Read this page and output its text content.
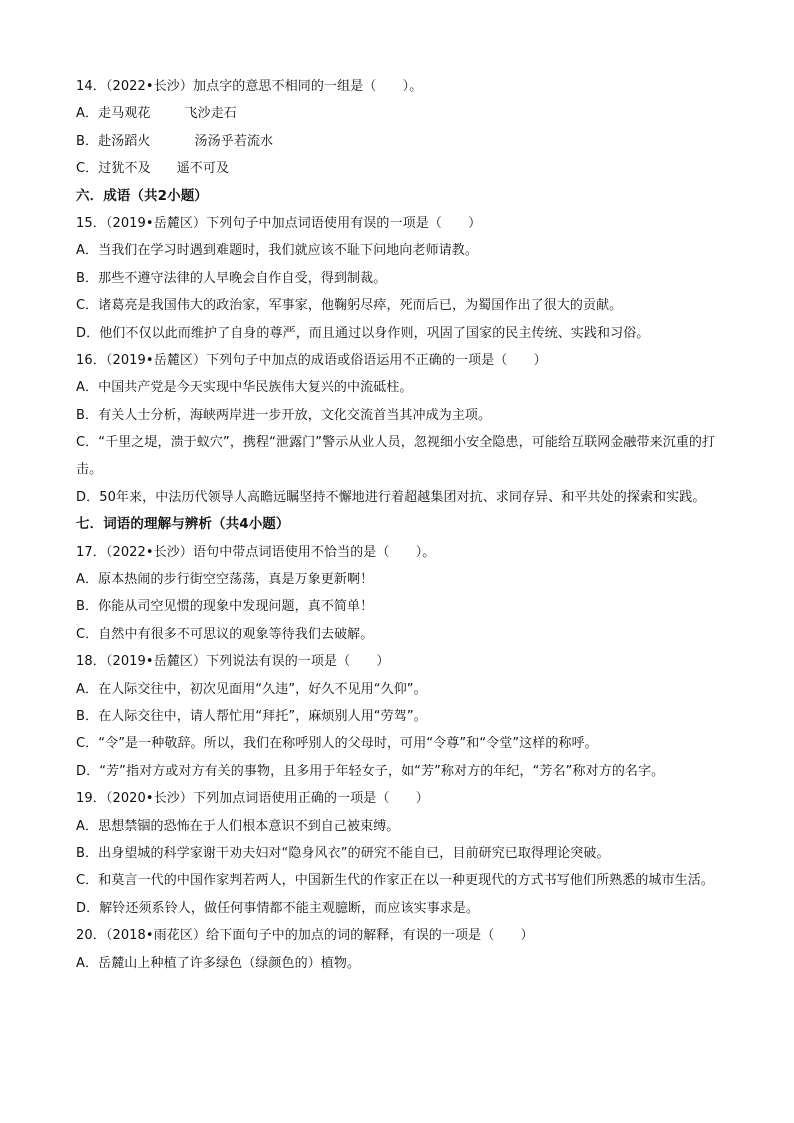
14．（2022•长沙）加点字的意思不相同的一组是（　　）。
A．走马观花	飞沙走石
B．赴汤蹈火	汤汤乎若流水
C．过犹不及 遥不可及
六．成语（共2小题）
15．（2019•岳麓区）下列句子中加点词语使用有误的一项是（　　）
A．当我们在学习时遇到难题时，我们就应该不耻下问地向老师请教。
B．那些不遵守法律的人早晚会自作自受，得到制裁。
C．诸葛亮是我国伟大的政治家，军事家，他鞠躬尽瘁，死而后已，为蜀国作出了很大的贡献。
D．他们不仅以此而维护了自身的尊严，而且通过以身作则，巩固了国家的民主传统、实践和习俗。
16．（2019•岳麓区）下列句子中加点的成语或俗语运用不正确的一项是（　　）
A．中国共产党是今天实现中华民族伟大复兴的中流砥柱。
B．有关人士分析，海峡两岸进一步开放，文化交流首当其冲成为主项。
C．“千里之堤，溃于蚁穴”，携程“泄露门”警示从业人员，忽视细小安全隐患，可能给互联网金融带来沉重的打击。
D．50年来，中法历代领导人高瞻远瞩坚持不懈地进行着超越集团对抗、求同存异、和平共处的探索和实践。
七．词语的理解与辨析（共4小题）
17．（2022•长沙）语句中带点词语使用不恰当的是（　　）。
A．原本热闹的步行街空空荡荡，真是万象更新啊！
B．你能从司空见惯的现象中发现问题，真不简单！
C．自然中有很多不可思议的观象等待我们去破解。
18．（2019•岳麓区）下列说法有误的一项是（　　）
A．在人际交往中，初次见面用“久违”，好久不见用“久仰”。
B．在人际交往中，请人帮忙用“拜托”，麻烦别人用“劳驾”。
C．“令”是一种敬辞。所以，我们在称呼别人的父母时，可用“令尊”和“令堂”这样的称呼。
D．“芳”指对方或对方有关的事物，且多用于年轻女子，如“芳”称对方的年纪，“芳名”称对方的名字。
19．（2020•长沙）下列加点词语使用正确的一项是（　　）
A．思想禁锢的恐怖在于人们根本意识不到自己被束缚。
B．出身望城的科学家谢干劝夫妇对“隐身风衣”的研究不能自已，目前研究已取得理论突破。
C．和莫言一代的中国作家判若两人，中国新生代的作家正在以一种更现代的方式书写他们所熟悉的城市生活。
D．解铃还须系铃人，做任何事情都不能主观臆断，而应该实事求是。
20．（2018•雨花区）给下面句子中的加点的词的解释，有误的一项是（　　）
A．岳麓山上种植了许多绿色（绿颜色的）植物。
